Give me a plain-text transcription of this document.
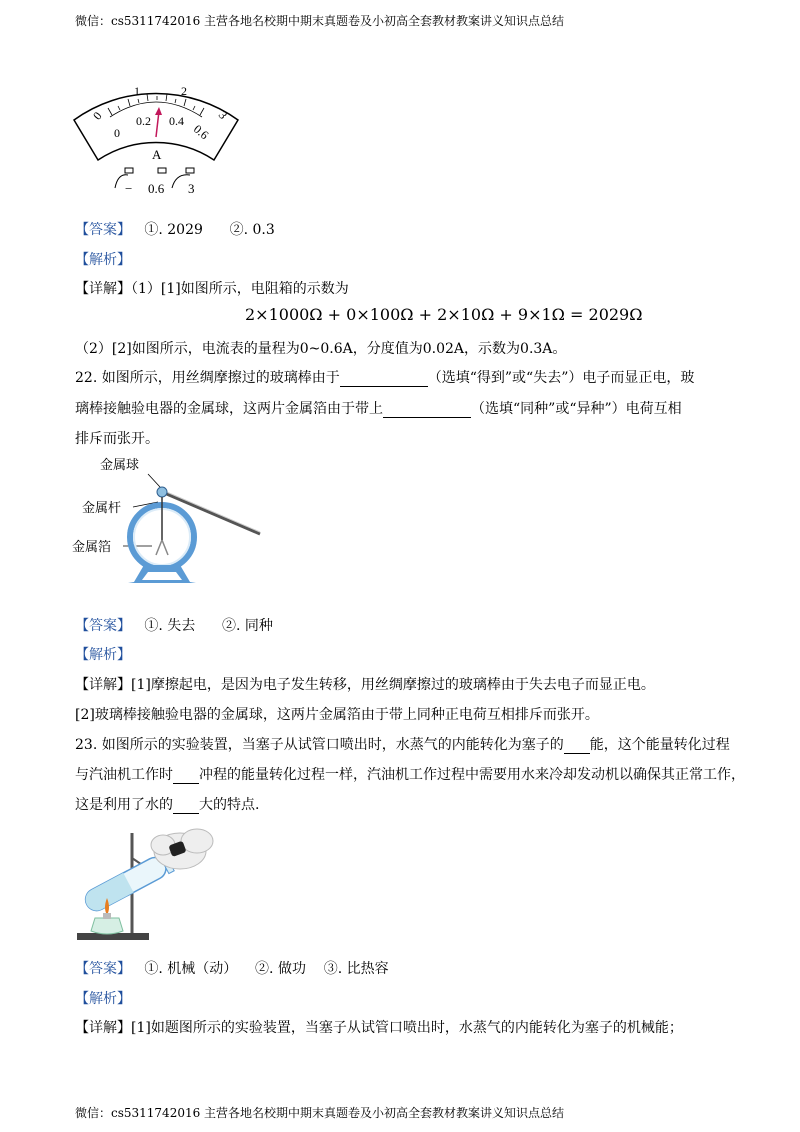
微信：cs5311742016 主营各地名校期中期末真题卷及小初高全套教材教案讲义知识点总结
0
1	2
3
0
0.2 0.4
0.6
A
− 0.6 3
【答案】 ①. 2029      ②. 0.3
【解析】
【详解】（1）[1]如图所示，电阻箱的示数为
2×1000Ω + 0×100Ω + 2×10Ω + 9×1Ω = 2029Ω
（2）[2]如图所示，电流表的量程为0~0.6A，分度值为0.02A，示数为0.3A。
22. 如图所示，用丝绸摩擦过的玻璃棒由于	（选填“得到”或“失去”）电子而显正电，玻
璃棒接触验电器的金属球，这两片金属箔由于带上	（选填“同种”或“异种”）电荷互相
排斥而张开。
金属球
金属杆
金属箔
【答案】 ①. 失去      ②. 同种
【解析】
【详解】[1]摩擦起电，是因为电子发生转移，用丝绸摩擦过的玻璃棒由于失去电子而显正电。
[2]玻璃棒接触验电器的金属球，这两片金属箔由于带上同种正电荷互相排斥而张开。
23. 如图所示的实验装置，当塞子从试管口喷出时，水蒸气的内能转化为塞子的 能，这个能量转化过程
与汽油机工作时 冲程的能量转化过程一样，汽油机工作过程中需要用水来冷却发动机以确保其正常工作，
这是利用了水的 大的特点.
【答案】 ①. 机械（动）    ②. 做功    ③. 比热容
【解析】
【详解】[1]如题图所示的实验装置，当塞子从试管口喷出时，水蒸气的内能转化为塞子的机械能；
微信：cs5311742016 主营各地名校期中期末真题卷及小初高全套教材教案讲义知识点总结
